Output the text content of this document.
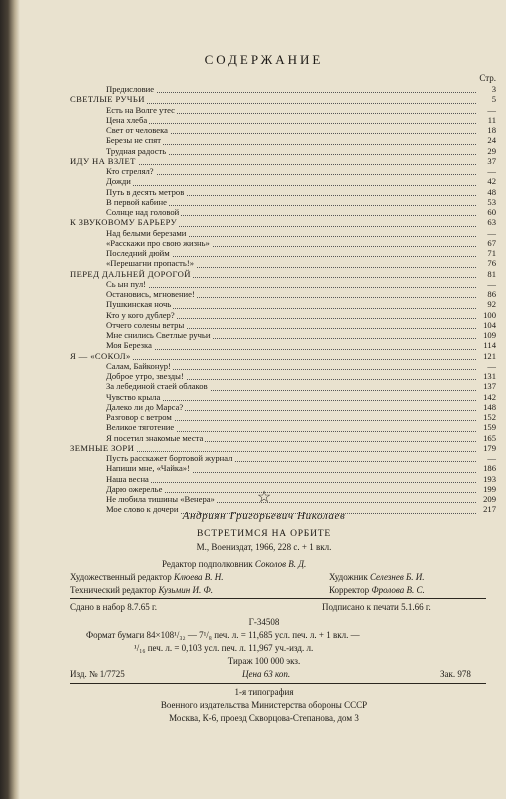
СОДЕРЖАНИЕ
Стр.
Предисловие	3
СВЕТЛЫЕ РУЧЬИ	5
Есть на Волге утес	—
Цена хлеба	11
Свет от человека	18
Березы не спят	24
Трудная радость	29
ИДУ НА ВЗЛЕТ	37
Кто стрелял?	—
Дожди	42
Путь в десять метров	48
В первой кабине	53
Солнце над головой	60
К ЗВУКОВОМУ БАРЬЕРУ	63
Над белыми березами	—
«Расскажи про свою жизнь»	67
Последний дюйм	71
«Перешагни пропасть!»	76
ПЕРЕД ДАЛЬНЕЙ ДОРОГОЙ	81
Сь ын пул!	—
Остановись, мгновение!	86
Пушкинская ночь	92
Кто у кого дублер?	100
Отчего солены ветры	104
Мне снились Светлые ручьи	109
Моя Березка	114
Я — «СОКОЛ»	121
Салам, Байконур!	—
Доброе утро, звезды!	131
За лебединой стаей облаков	137
Чувство крыла	142
Далеко ли до Марса?	148
Разговор с ветром	152
Великое тяготение	159
Я посетил знакомые места	165
ЗЕМНЫЕ ЗОРИ	179
Пусть расскажет бортовой журнал	—
Напиши мне, «Чайка»!	186
Наша весна	193
Дарю ожерелье	199
Не любила тишины «Венера»	209
Мое слово к дочери	217
☆
Андриян Григорьевич Николаев
ВСТРЕТИМСЯ НА ОРБИТЕ
М., Воениздат, 1966, 228 с. + 1 вкл.
Редактор подполковник Соколов В. Д.
Художественный редактор Клюева В. Н.	Художник Селезнев Б. И.
Технический редактор Кузьмин И. Ф.	Корректор Фролова В. С.
Сдано в набор 8.7.65 г.	Подписано к печати 5.1.66 г.
Г-34508
Формат бумаги 84×108¹/₃₂ — 7¹/₈ печ. л. = 11,685 усл. печ. л. + 1 вкл. —
¹/₁₆ печ. л. = 0,103 усл. печ. л. 11,967 уч.-изд. л.
Тираж 100 000 экз.
Изд. № 1/7725	Цена 63 коп.	Зак. 978
1-я типография
Военного издательства Министерства обороны СССР
Москва, К-6, проезд Скворцова-Степанова, дом 3
